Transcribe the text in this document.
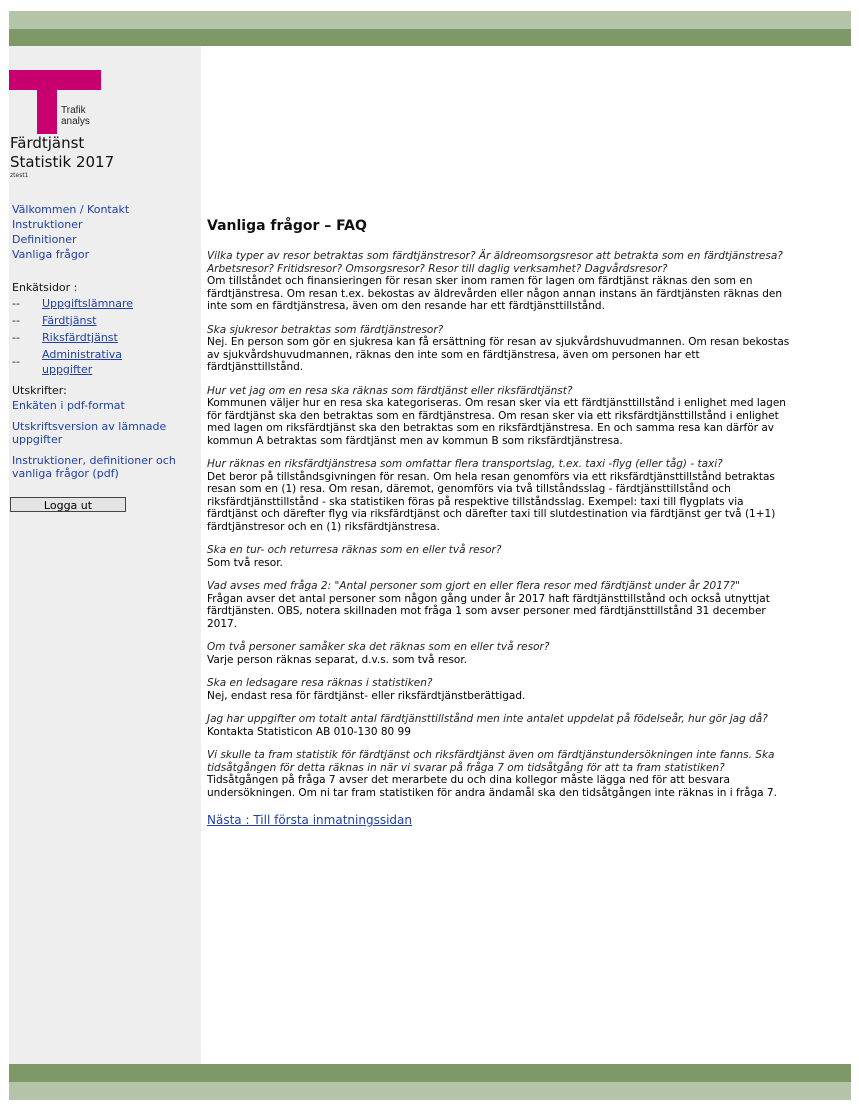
Trafik
analys
Färdtjänst
Statistik 2017
ztest1
Välkommen / Kontakt
Instruktioner
Definitioner
Vanliga frågor
Enkätsidor :
-- Uppgiftslämnare
-- Färdtjänst
-- Riksfärdtjänst
--
Administrativa uppgifter
Utskrifter:
Enkäten i pdf-format
Utskriftsversion av lämnade uppgifter
Instruktioner, definitioner och vanliga frågor (pdf)
Logga ut
Vanliga frågor – FAQ
Vilka typer av resor betraktas som färdtjänstresor? Är äldreomsorgsresor att betrakta som en färdtjänstresa? Arbetsresor? Fritidsresor? Omsorgsresor? Resor till daglig verksamhet? Dagvårdsresor?
Om tillståndet och finansieringen för resan sker inom ramen för lagen om färdtjänst räknas den som en färdtjänstresa. Om resan t.ex. bekostas av äldrevården eller någon annan instans än färdtjänsten räknas den inte som en färdtjänstresa, även om den resande har ett färdtjänsttillstånd.
Ska sjukresor betraktas som färdtjänstresor?
Nej. En person som gör en sjukresa kan få ersättning för resan av sjukvårdshuvudmannen. Om resan bekostas av sjukvårdshuvudmannen, räknas den inte som en färdtjänstresa, även om personen har ett färdtjänsttillstånd.
Hur vet jag om en resa ska räknas som färdtjänst eller riksfärdtjänst?
Kommunen väljer hur en resa ska kategoriseras. Om resan sker via ett färdtjänsttillstånd i enlighet med lagen för färdtjänst ska den betraktas som en färdtjänstresa. Om resan sker via ett riksfärdtjänsttillstånd i enlighet med lagen om riksfärdtjänst ska den betraktas som en riksfärdtjänstresa. En och samma resa kan därför av kommun A betraktas som färdtjänst men av kommun B som riksfärdtjänstresa.
Hur räknas en riksfärdtjänstresa som omfattar flera transportslag, t.ex. taxi -flyg (eller tåg) - taxi?
Det beror på tillståndsgivningen för resan. Om hela resan genomförs via ett riksfärdtjänsttillstånd betraktas resan som en (1) resa. Om resan, däremot, genomförs via två tillståndsslag - färdtjänsttillstånd och riksfärdtjänsttillstånd - ska statistiken föras på respektive tillståndsslag. Exempel: taxi till flygplats via färdtjänst och därefter flyg via riksfärdtjänst och därefter taxi till slutdestination via färdtjänst ger två (1+1) färdtjänstresor och en (1) riksfärdtjänstresa.
Ska en tur- och returresa räknas som en eller två resor?
Som två resor.
Vad avses med fråga 2: "Antal personer som gjort en eller flera resor med färdtjänst under år 2017?"
Frågan avser det antal personer som någon gång under år 2017 haft färdtjänsttillstånd och också utnyttjat färdtjänsten. OBS, notera skillnaden mot fråga 1 som avser personer med färdtjänsttillstånd 31 december 2017.
Om två personer samåker ska det räknas som en eller två resor?
Varje person räknas separat, d.v.s. som två resor.
Ska en ledsagare resa räknas i statistiken?
Nej, endast resa för färdtjänst- eller riksfärdtjänstberättigad.
Jag har uppgifter om totalt antal färdtjänsttillstånd men inte antalet uppdelat på födelseår, hur gör jag då?
Kontakta Statisticon AB 010-130 80 99
Vi skulle ta fram statistik för färdtjänst och riksfärdtjänst även om färdtjänstundersökningen inte fanns. Ska tidsåtgången för detta räknas in när vi svarar på fråga 7 om tidsåtgång för att ta fram statistiken?
Tidsåtgången på fråga 7 avser det merarbete du och dina kollegor måste lägga ned för att besvara undersökningen. Om ni tar fram statistiken för andra ändamål ska den tidsåtgången inte räknas in i fråga 7.
Nästa : Till första inmatningssidan
